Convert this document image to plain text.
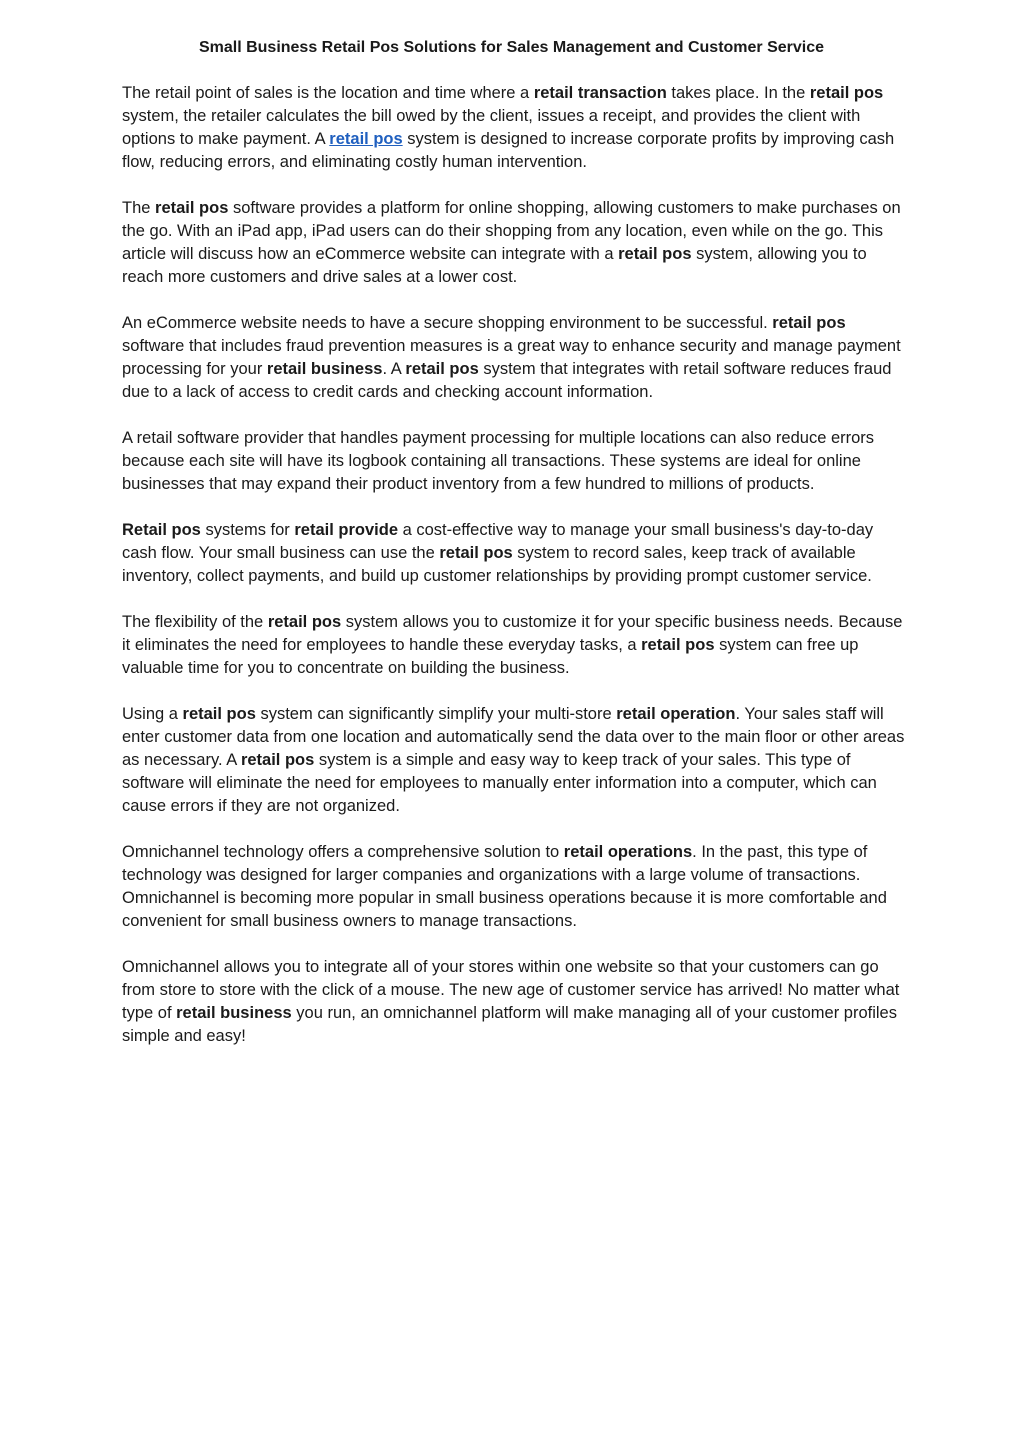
Small Business Retail Pos Solutions for Sales Management and Customer Service

The retail point of sales is the location and time where a retail transaction takes place. In the retail pos system, the retailer calculates the bill owed by the client, issues a receipt, and provides the client with options to make payment. A retail pos system is designed to increase corporate profits by improving cash flow, reducing errors, and eliminating costly human intervention.

The retail pos software provides a platform for online shopping, allowing customers to make purchases on the go. With an iPad app, iPad users can do their shopping from any location, even while on the go. This article will discuss how an eCommerce website can integrate with a retail pos system, allowing you to reach more customers and drive sales at a lower cost.

An eCommerce website needs to have a secure shopping environment to be successful. retail pos software that includes fraud prevention measures is a great way to enhance security and manage payment processing for your retail business. A retail pos system that integrates with retail software reduces fraud due to a lack of access to credit cards and checking account information.

A retail software provider that handles payment processing for multiple locations can also reduce errors because each site will have its logbook containing all transactions. These systems are ideal for online businesses that may expand their product inventory from a few hundred to millions of products.

Retail pos systems for retail provide a cost-effective way to manage your small business's day-to-day cash flow. Your small business can use the retail pos system to record sales, keep track of available inventory, collect payments, and build up customer relationships by providing prompt customer service.

The flexibility of the retail pos system allows you to customize it for your specific business needs. Because it eliminates the need for employees to handle these everyday tasks, a retail pos system can free up valuable time for you to concentrate on building the business.

Using a retail pos system can significantly simplify your multi-store retail operation. Your sales staff will enter customer data from one location and automatically send the data over to the main floor or other areas as necessary. A retail pos system is a simple and easy way to keep track of your sales. This type of software will eliminate the need for employees to manually enter information into a computer, which can cause errors if they are not organized.

Omnichannel technology offers a comprehensive solution to retail operations. In the past, this type of technology was designed for larger companies and organizations with a large volume of transactions. Omnichannel is becoming more popular in small business operations because it is more comfortable and convenient for small business owners to manage transactions.

Omnichannel allows you to integrate all of your stores within one website so that your customers can go from store to store with the click of a mouse. The new age of customer service has arrived! No matter what type of retail business you run, an omnichannel platform will make managing all of your customer profiles simple and easy!
